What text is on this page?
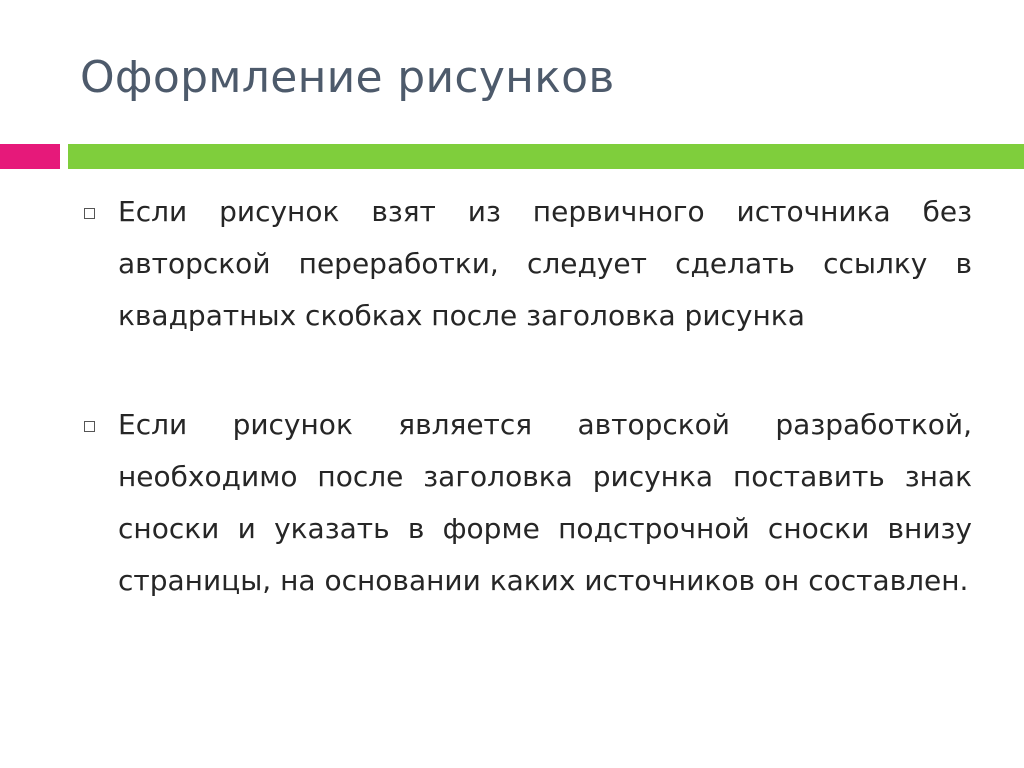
Оформление рисунков
Если рисунок взят из первичного источника без авторской переработки, следует сделать ссылку в квадратных скобках после заголовка рисунка
Если рисунок является авторской разработкой, необходимо после заголовка рисунка поставить знак сноски и указать в форме подстрочной сноски внизу страницы, на основании каких источников он составлен.
